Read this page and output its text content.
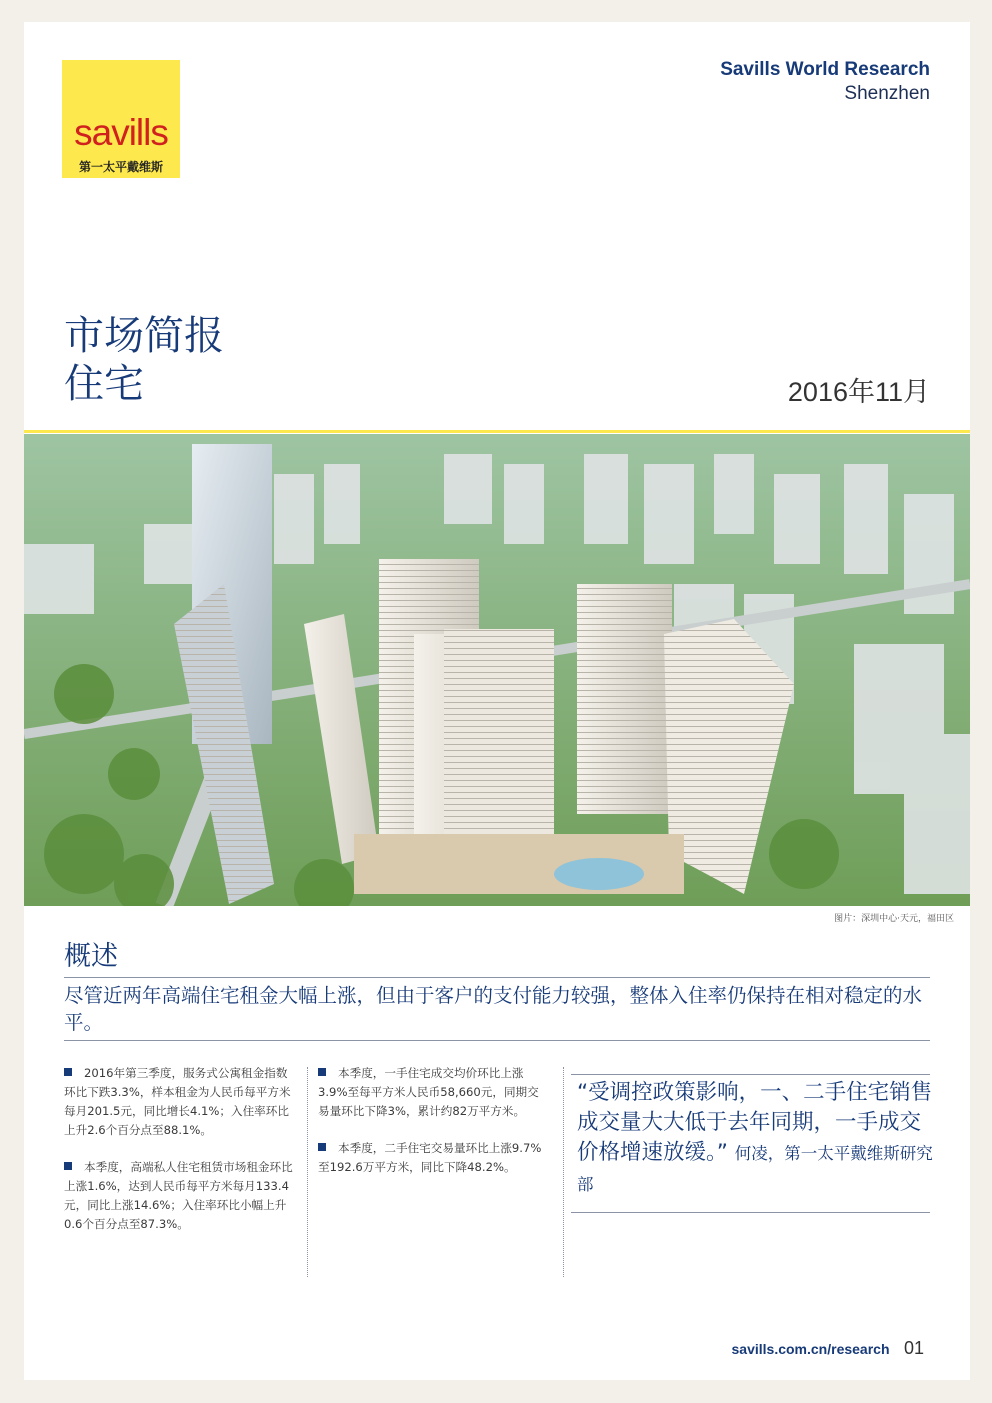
savills
第一太平戴维斯
Savills World Research
Shenzhen
市场简报
住宅	2016年11月
图片：深圳中心·天元，福田区
概述
尽管近两年高端住宅租金大幅上涨，但由于客户的支付能力较强，整体入住率仍保持在相对稳定的水平。

2016年第三季度，服务式公寓租金指数环比下跌3.3%，样本租金为人民币每平方米每月201.5元，同比增长4.1%；入住率环比上升2.6个百分点至88.1%。

本季度，高端私人住宅租赁市场租金环比上涨1.6%，达到人民币每平方米每月133.4元，同比上涨14.6%；入住率环比小幅上升0.6个百分点至87.3%。

本季度，一手住宅成交均价环比上涨3.9%至每平方米人民币58,660元，同期交易量环比下降3%，累计约82万平方米。

本季度，二手住宅交易量环比上涨9.7%至192.6万平方米，同比下降48.2%。

“受调控政策影响，一、二手住宅销售成交量大大低于去年同期，一手成交价格增速放缓。” 何凌，第一太平戴维斯研究部
savills.com.cn/research 01
